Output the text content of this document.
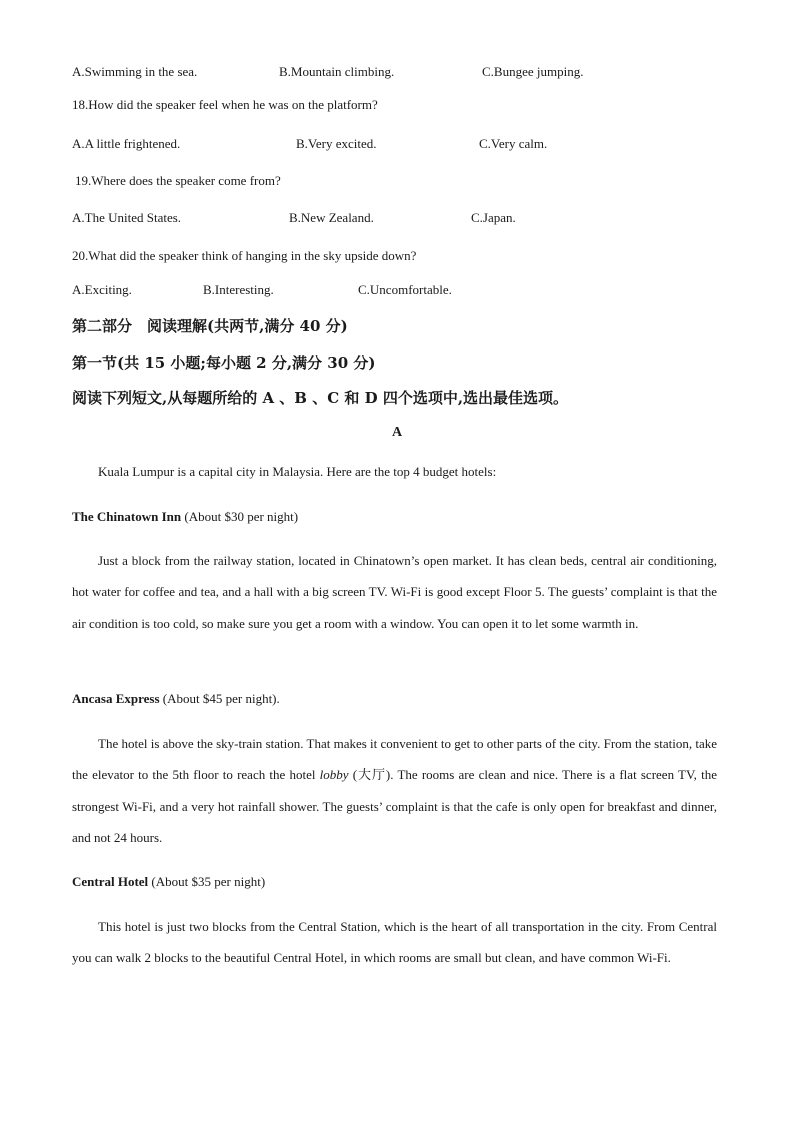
A.Swimming in the sea.	B.Mountain climbing.	C.Bungee jumping.
18.How did the speaker feel when he was on the platform?
A.A little frightened.	B.Very excited.	C.Very calm.
19.Where does the speaker come from?
A.The United States.	B.New Zealand.	C.Japan.
20.What did the speaker think of hanging in the sky upside down?
A.Exciting.	B.Interesting.	C.Uncomfortable.
第二部分　阅读理解(共两节,满分 40 分)
第一节(共 15 小题;每小题 2 分,满分 30 分)
阅读下列短文,从每题所给的 A 、B 、C 和 D 四个选项中,选出最佳选项。
A
Kuala Lumpur is a capital city in Malaysia. Here are the top 4 budget hotels:
The Chinatown Inn (About $30 per night)
Just a block from the railway station, located in Chinatown’s open market. It has clean beds, central air conditioning, hot water for coffee and tea, and a hall with a big screen TV. Wi-Fi is good except Floor 5. The guests’ complaint is that the air condition is too cold, so make sure you get a room with a window. You can open it to let some warmth in.
Ancasa Express (About $45 per night).
The hotel is above the sky-train station. That makes it convenient to get to other parts of the city. From the station, take the elevator to the 5th floor to reach the hotel lobby (大厅). The rooms are clean and nice. There is a flat screen TV, the strongest Wi-Fi, and a very hot rainfall shower. The guests’ complaint is that the cafe is only open for breakfast and dinner, and not 24 hours.
Central Hotel (About $35 per night)
This hotel is just two blocks from the Central Station, which is the heart of all transportation in the city. From Central you can walk 2 blocks to the beautiful Central Hotel, in which rooms are small but clean, and have common Wi-Fi.
